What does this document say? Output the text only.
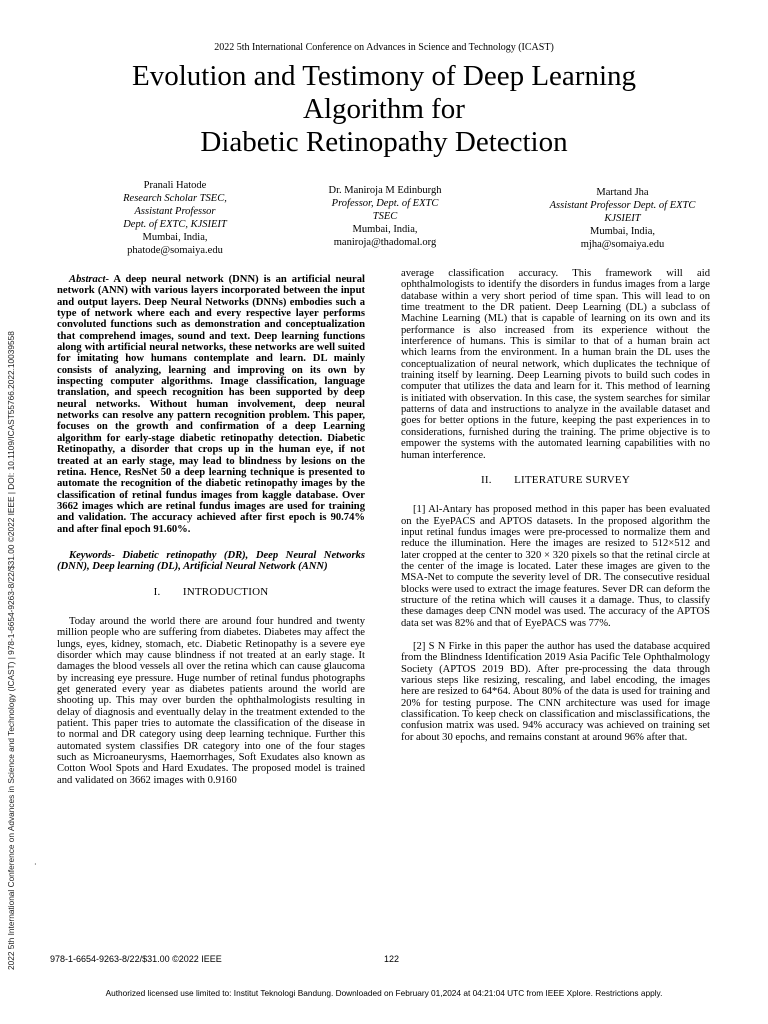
2022 5th International Conference on Advances in Science and Technology (ICAST)
Evolution and Testimony of Deep Learning
Algorithm for
Diabetic Retinopathy Detection
Pranali Hatode
Research Scholar TSEC,
Assistant Professor
Dept. of EXTC, KJSIEIT
Mumbai, India,
phatode@somaiya.edu
Dr. Maniroja M Edinburgh
Professor, Dept. of EXTC
TSEC
Mumbai, India,
maniroja@thadomal.org
Martand Jha
Assistant Professor Dept. of EXTC
KJSIEIT
Mumbai, India,
mjha@somaiya.edu
2022 5th International Conference on Advances in Science and Technology (ICAST) | 978-1-6654-9263-8/22/$31.00 ©2022 IEEE | DOI: 10.1109/ICAST55766.2022.10039558

Abstract- A deep neural network (DNN) is an artificial neural network (ANN) with various layers incorporated between the input and output layers. Deep Neural Networks (DNNs) embodies such a type of network where each and every respective layer performs convoluted functions such as demonstration and conceptualization that comprehend images, sound and text. Deep learning functions along with artificial neural networks, these networks are well suited for imitating how humans contemplate and learn. DL mainly consists of analyzing, learning and improving on its own by inspecting computer algorithms. Image classification, language translation, and speech recognition has been supported by deep neural networks. Without human involvement, deep neural networks can resolve any pattern recognition problem. This paper, focuses on the growth and confirmation of a deep Learning algorithm for early-stage diabetic retinopathy detection. Diabetic Retinopathy, a disorder that crops up in the human eye, if not treated at an early stage, may lead to blindness by lesions on the retina. Hence, ResNet 50 a deep learning technique is presented to automate the recognition of the diabetic retinopathy images by the classification of retinal fundus images from kaggle database. Over 3662 images which are retinal fundus images are used for training and validation. The accuracy achieved after first epoch is 90.74% and after final epoch 91.60%.

Keywords- Diabetic retinopathy (DR), Deep Neural Networks (DNN), Deep learning (DL), Artificial Neural Network (ANN)

I.  INTRODUCTION

Today around the world there are around four hundred and twenty million people who are suffering from diabetes. Diabetes may affect the lungs, eyes, kidney, stomach, etc. Diabetic Retinopathy is a severe eye disorder which may cause blindness if not treated at an early stage. It damages the blood vessels all over the retina which can cause glaucoma by increasing eye pressure. Huge number of retinal fundus photographs get generated every year as diabetes patients around the world are shooting up. This may over burden the ophthalmologists resulting in delay of diagnosis and eventually delay in the treatment extended to the patient. This paper tries to automate the classification of the disease in to normal and DR category using deep learning technique. Further this automated system classifies DR category into one of the four stages such as Microaneurysms, Haemorrhages, Soft Exudates also known as Cotton Wool Spots and Hard Exudates. The proposed model is trained and validated on 3662 images with 0.9160

average classification accuracy. This framework will aid ophthalmologists to identify the disorders in fundus images from a large database within a very short period of time span. This will lead to on time treatment to the DR patient. Deep Learning (DL) a subclass of Machine Learning (ML) that is capable of learning on its own and its performance is also increased from its experience without the interference of humans. This is similar to that of a human brain act which learns from the environment. In a human brain the DL uses the conceptualization of neural network, which duplicates the technique of training itself by learning. Deep Learning pivots to build such codes in computer that utilizes the data and learn for it. This method of learning is initiated with observation. In this case, the system searches for similar patterns of data and instructions to analyze in the available dataset and goes for better options in the future, keeping the past experiences in to considerations, furnished during the training. The prime objective is to empower the systems with the automated learning capabilities with no human interference.

II.  LITERATURE SURVEY

[1] Al-Antary has proposed method in this paper has been evaluated on the EyePACS and APTOS datasets. In the proposed algorithm the input retinal fundus images were pre-processed to normalize them and reduce the illumination. Here the images are resized to 512×512 and later cropped at the center to 320 × 320 pixels so that the retinal circle at the center of the image is located. Later these images are given to the MSA-Net to compute the severity level of DR. The consecutive residual blocks were used to extract the image features. Sever DR can deform the structure of the retina which will causes it a damage. Thus, to classify these damages deep CNN model was used. The accuracy of the APTOS data set was 82% and that of EyePACS was 77%.

[2] S N Firke in this paper the author has used the database acquired from the Blindness Identification 2019 Asia Pacific Tele Ophthalmology Society (APTOS 2019 BD). After pre-processing the data through various steps like resizing, rescaling, and label encoding, the images here are resized to 64*64. About 80% of the data is used for training and 20% for testing purpose. The CNN architecture was used for image classification. To keep check on classification and misclassifications, the confusion matrix was used. 94% accuracy was achieved on training set for about 30 epochs, and remains constant at around 96% after that.

·
978-1-6654-9263-8/22/$31.00 ©2022 IEEE	122
Authorized licensed use limited to: Institut Teknologi Bandung. Downloaded on February 01,2024 at 04:21:04 UTC from IEEE Xplore. Restrictions apply.
